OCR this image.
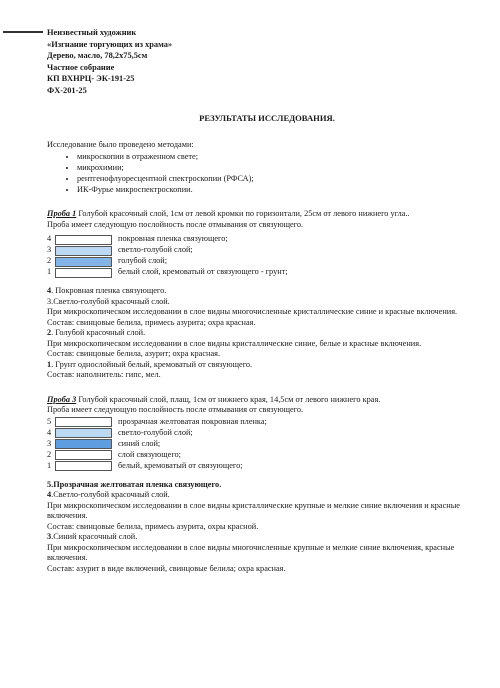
Неизвестный художник
«Изгнание торгующих из храма»
Дерево, масло, 78,2х75,5см
Частное собрание
КП ВХНРЦ- ЭК-191-25
ФХ-201-25
РЕЗУЛЬТАТЫ ИССЛЕДОВАНИЯ.

Исследование было проведено методами:

• микроскопии в отраженном свете;
• микрохимии;
• рентгенофлуоресцентной спектроскопии (РФСА);
• ИК-Фурье микроспектроскопии.

Проба 1 Голубой красочный слой, 1см от левой кромки по горизонтали, 25см от левого нижнего угла..

Проба имеет следующую послойность после отмывания от связующего.

4	покровная пленка связующего;
3	светло-голубой слой;
2	голубой слой;
1	белый слой, кремоватый от связующего - грунт;

4. Покровная пленка связующего.

3.Светло-голубой красочный слой.

При микроскопическом исследовании в слое видны многочисленные кристаллические синие и красные включения.

Состав: свинцовые белила, примесь азурита; охра красная.

2. Голубой красочный слой.

При микроскопическом исследовании в слое видны кристаллические синие, белые и красные включения.

Состав: свинцовые белила, азурит; охра красная.

1. Грунт однослойный белый, кремоватый от связующего.

Состав: наполнитель: гипс, мел.

Проба 3 Голубой красочный слой, плащ, 1см от нижнего края, 14,5см от левого нижнего края.

Проба имеет следующую послойность после отмывания от связующего.

5	прозрачная желтоватая покровная пленка;
4	светло-голубой слой;
3	синий слой;
2	слой связующего;
1	белый, кремоватый от связующего;

5.Прозрачная желтоватая пленка связующего.

4.Светло-голубой красочный слой.

При микроскопическом исследовании в слое видны кристаллические крупные и мелкие синие включения и красные включения.

Состав: свинцовые белила, примесь азурита, охры красной.

3.Синий красочный слой.

При микроскопическом исследовании в слое видны многочисленные крупные и мелкие синие включения, красные включения.

Состав: азурит в виде включений, свинцовые белила; охра красная.
